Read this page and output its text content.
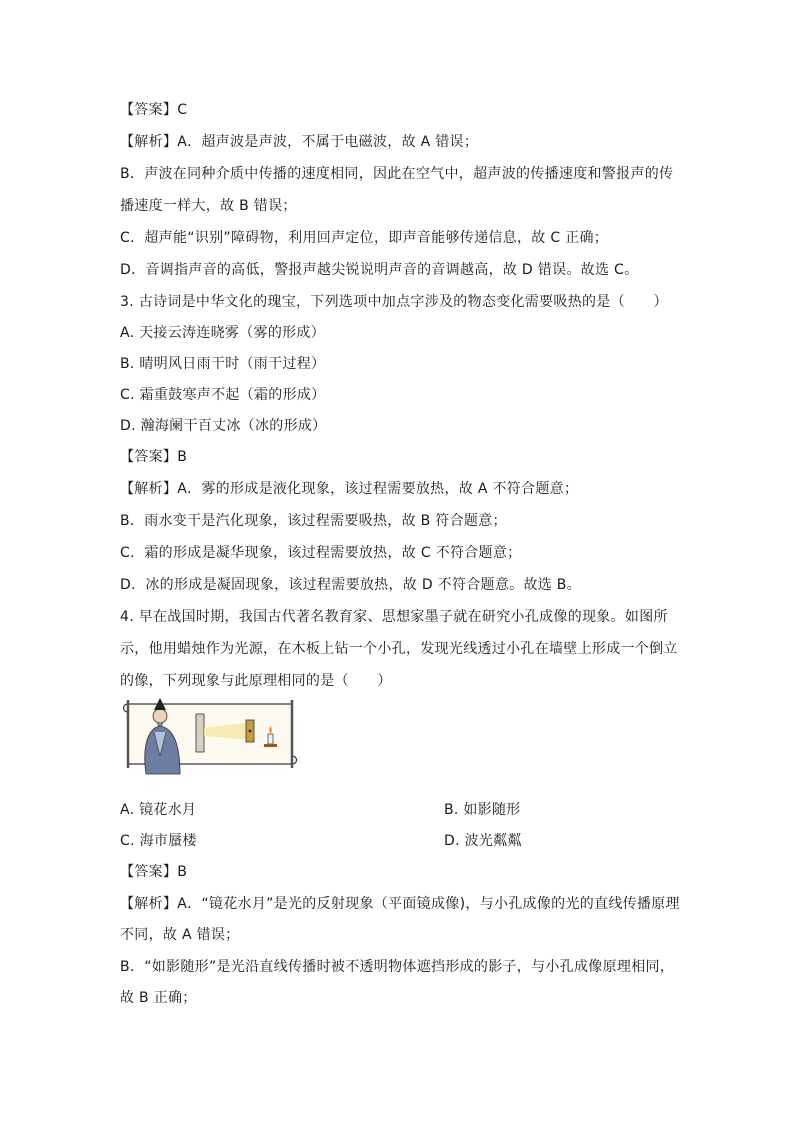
【答案】C
【解析】A．超声波是声波，不属于电磁波，故 A 错误；
B．声波在同种介质中传播的速度相同，因此在空气中，超声波的传播速度和警报声的传
播速度一样大，故 B 错误；
C．超声能“识别”障碍物，利用回声定位，即声音能够传递信息，故 C 正确；
D．音调指声音的高低，警报声越尖锐说明声音的音调越高，故 D 错误。故选 C。
3. 古诗词是中华文化的瑰宝，下列选项中加点字涉及的物态变化需要吸热的是（　　）
A. 天接云涛连晓雾（雾的形成）
B. 晴明风日雨干时（雨干过程）
C. 霜重鼓寒声不起（霜的形成）
D. 瀚海阑干百丈冰（冰的形成）
【答案】B
【解析】A．雾的形成是液化现象，该过程需要放热，故 A 不符合题意；
B．雨水变干是汽化现象，该过程需要吸热，故 B 符合题意；
C．霜的形成是凝华现象，该过程需要放热，故 C 不符合题意；
D．冰的形成是凝固现象，该过程需要放热，故 D 不符合题意。故选 B。
4. 早在战国时期，我国古代著名教育家、思想家墨子就在研究小孔成像的现象。如图所
示，他用蜡烛作为光源，在木板上钻一个小孔，发现光线透过小孔在墙壁上形成一个倒立
的像，下列现象与此原理相同的是（　　）
A. 镜花水月	B. 如影随形
C. 海市蜃楼	D. 波光粼粼
【答案】B
【解析】A．“镜花水月”是光的反射现象（平面镜成像)，与小孔成像的光的直线传播原理
不同，故 A 错误；
B．“如影随形”是光沿直线传播时被不透明物体遮挡形成的影子，与小孔成像原理相同，
故 B 正确；
